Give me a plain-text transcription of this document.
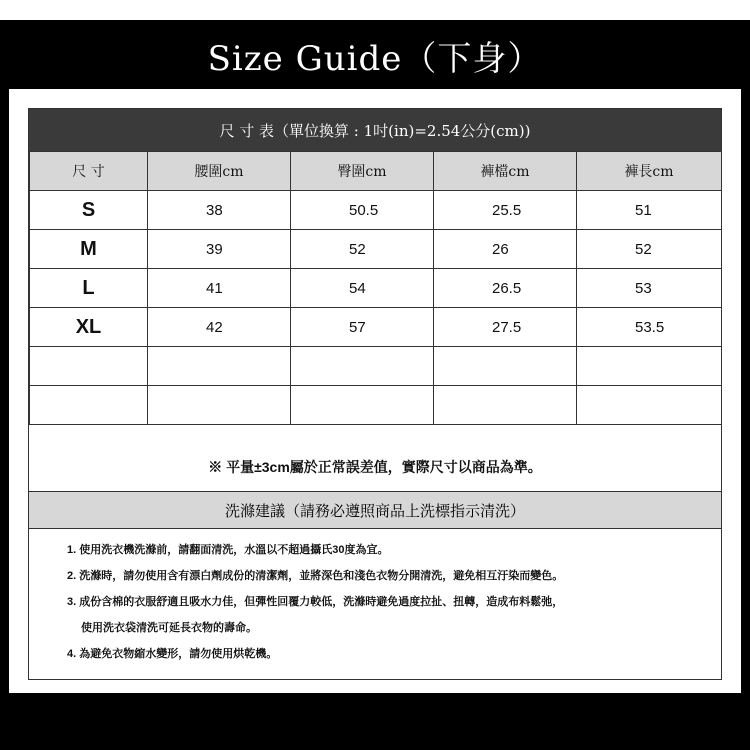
Size Guide（下身）
尺 寸 表（單位換算 : 1吋(in)=2.54公分(cm))
尺 寸	腰圍cm	臀圍cm	褲檔cm	褲長cm
S	38	50.5	25.5	51
M	39	52	26	52
L	41	54	26.5	53
XL	42	57	27.5	53.5

※ 平量±3cm屬於正常誤差值，實際尺寸以商品為準。
洗滌建議（請務必遵照商品上洗標指示清洗）
1. 使用洗衣機洗滌前，請翻面清洗，水溫以不超過攝氏30度為宜。
2. 洗滌時，請勿使用含有漂白劑成份的清潔劑，並將深色和淺色衣物分開清洗，避免相互汙染而變色。
3. 成份含棉的衣服舒適且吸水力佳，但彈性回覆力較低，洗滌時避免過度拉扯、扭轉，造成布料鬆弛，
使用洗衣袋清洗可延長衣物的壽命。
4. 為避免衣物縮水變形，請勿使用烘乾機。
